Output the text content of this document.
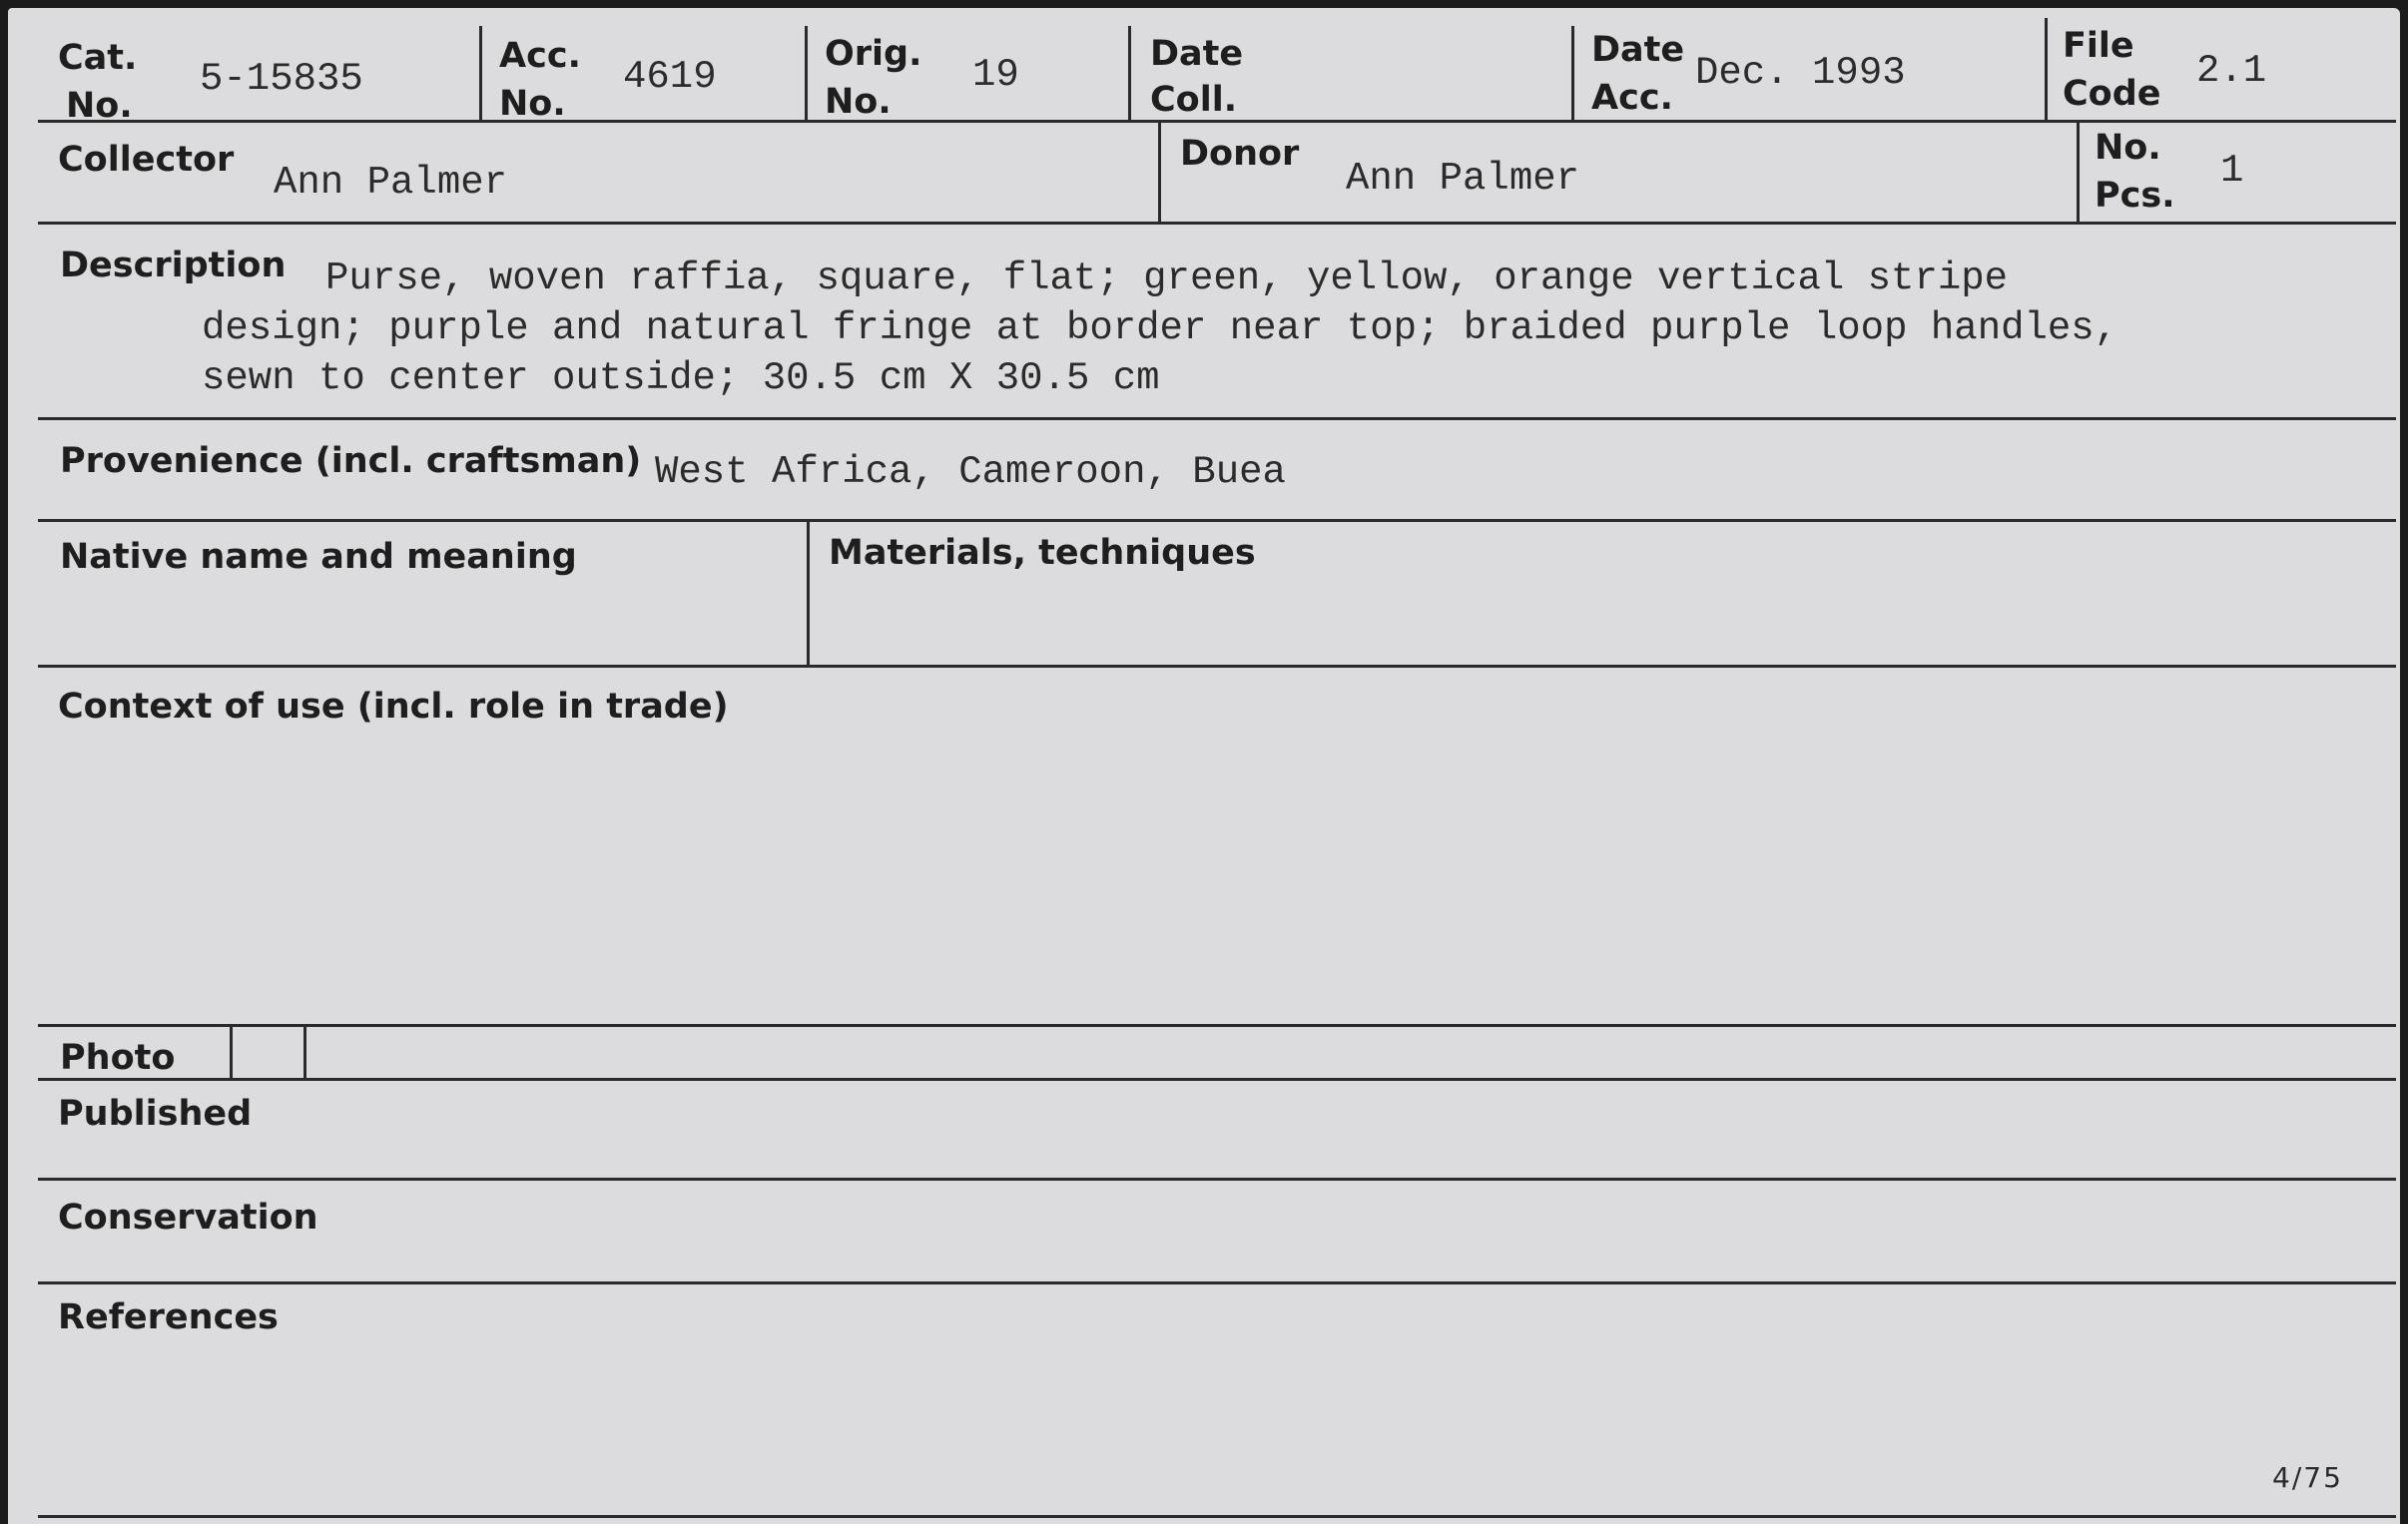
Cat.
No.
5-15835
Acc.
No.
4619
Orig.
No.
19	Date
Coll.
Date
Acc.
Dec. 1993
File
Code
2.1
Collector
Ann Palmer
Donor
Ann Palmer
No.
Pcs.
1
Description Purse, woven raffia, square, flat; green, yellow, orange vertical stripe
design; purple and natural fringe at border near top; braided purple loop handles,
sewn to center outside; 30.5 cm X 30.5 cm
Provenience (incl. craftsman) West Africa, Cameroon, Buea
Native name and meaning	Materials, techniques
Context of use (incl. role in trade)
Photo
Published
Conservation
References
4/75
